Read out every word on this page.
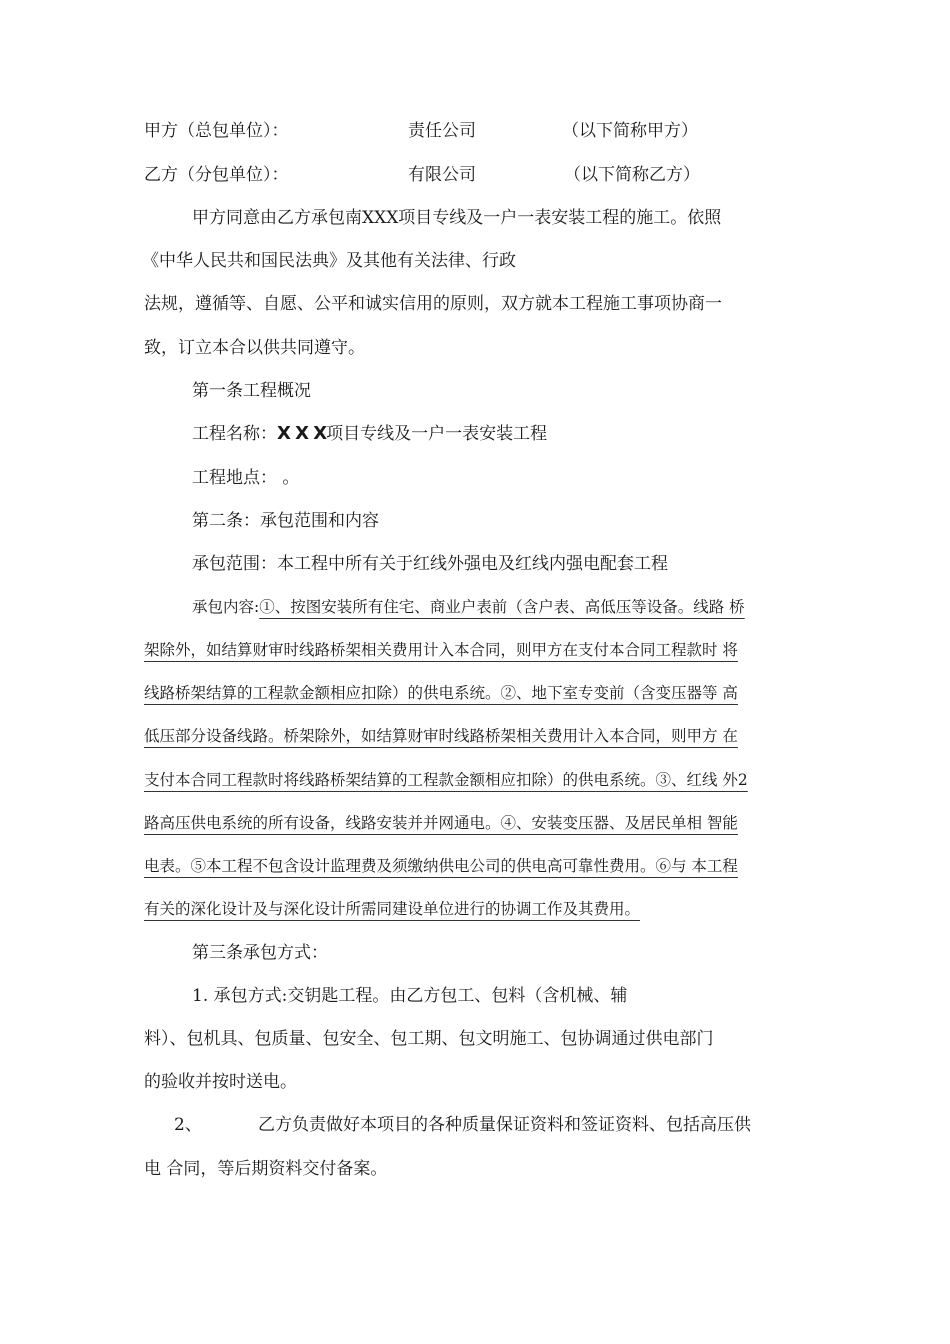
甲方（总包单位）：	责任公司	（以下简称甲方）
乙方（分包单位）：	有限公司	（以下简称乙方）
甲方同意由乙方承包南XXX项目专线及一户一表安装工程的施工。依照
《中华人民共和国民法典》及其他有关法律、行政
法规，遵循等、自愿、公平和诚实信用的原则，双方就本工程施工事项协商一
致，订立本合以供共同遵守。
第一条工程概况
工程名称：X X X项目专线及一户一表安装工程
工程地点： 。
第二条：承包范围和内容
承包范围：本工程中所有关于红线外强电及红线内强电配套工程
承包内容:①、按图安装所有住宅、商业户表前（含户表、高低压等设备。线路 桥
架除外，如结算财审时线路桥架相关费用计入本合同，则甲方在支付本合同工程款时 将
线路桥架结算的工程款金额相应扣除）的供电系统。②、地下室专变前（含变压器等 高
低压部分设备线路。桥架除外，如结算财审时线路桥架相关费用计入本合同，则甲方 在
支付本合同工程款时将线路桥架结算的工程款金额相应扣除）的供电系统。③、红线 外2
路高压供电系统的所有设备，线路安装并并网通电。④、安装变压器、及居民单相 智能
电表。⑤本工程不包含设计监理费及须缴纳供电公司的供电高可靠性费用。⑥与 本工程
有关的深化设计及与深化设计所需同建设单位进行的协调工作及其费用。
第三条承包方式：
1. 承包方式:交钥匙工程。由乙方包工、包料（含机械、辅
料）、包机具、包质量、包安全、包工期、包文明施工、包协调通过供电部门
的验收并按时送电。
2、	乙方负责做好本项目的各种质量保证资料和签证资料、包括高压供
电 合同，等后期资料交付备案。
